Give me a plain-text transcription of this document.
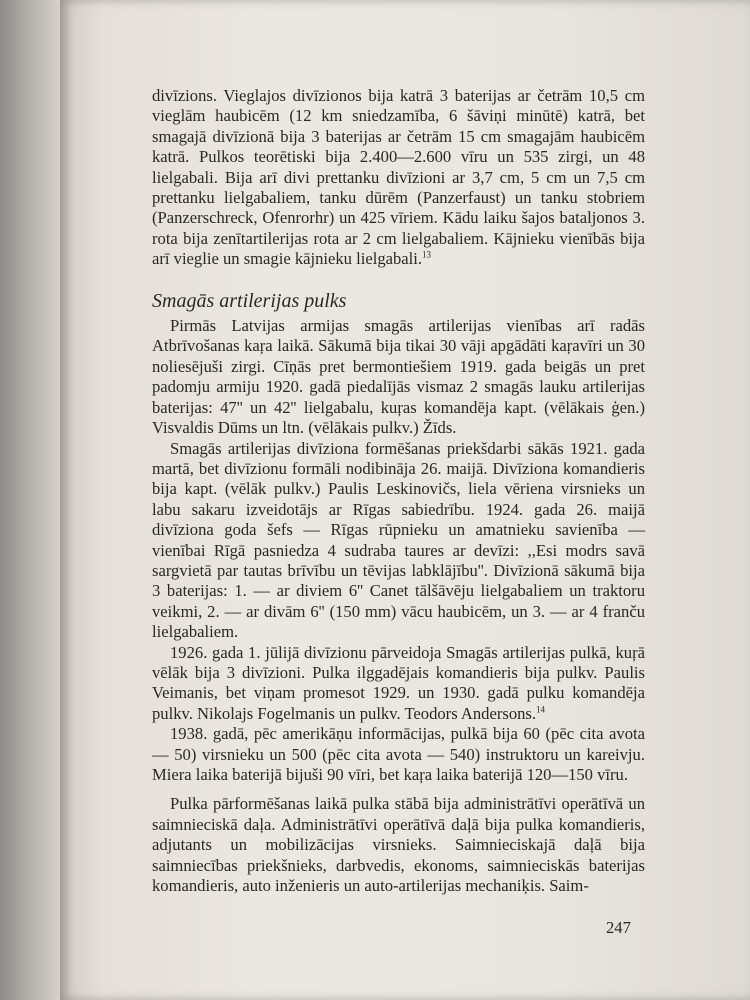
divīzions. Vieglajos divīzionos bija katrā 3 baterijas ar četrām 10,5 cm vieglām haubicēm (12 km sniedzamība, 6 šāviņi minūtē) katrā, bet smagajā divīzionā bija 3 baterijas ar četrām 15 cm smagajām haubicēm katrā. Pulkos teorētiski bija 2.400—2.600 vīru un 535 zirgi, un 48 lielgabali. Bija arī divi prettanku divīzioni ar 3,7 cm, 5 cm un 7,5 cm prettanku lielgabaliem, tanku dūrēm (Panzerfaust) un tanku stobriem (Panzerschreck, Ofenrorhr) un 425 vīriem. Kādu laiku šajos bataljonos 3. rota bija zenītartilerijas rota ar 2 cm lielgabaliem. Kājnieku vienībās bija arī vieglie un smagie kājnieku lielgabali.$^{13}$

Smagās artilerijas pulks

Pirmās Latvijas armijas smagās artilerijas vienības arī radās Atbrīvošanas kaŗa laikā. Sākumā bija tikai 30 vāji apgādāti kaŗavīri un 30 noliesējuši zirgi. Cīņās pret bermontiešiem 1919. gada beigās un pret padomju armiju 1920. gadā piedalījās vismaz 2 smagās lauku artilerijas baterijas: 47'' un 42'' lielgabalu, kuŗas komandēja kapt. (vēlākais ģen.) Visvaldis Dūms un ltn. (vēlākais pulkv.) Žīds.

Smagās artilerijas divīziona formēšanas priekšdarbi sākās 1921. gada martā, bet divīzionu formāli nodibināja 26. maijā. Divīziona komandieris bija kapt. (vēlāk pulkv.) Paulis Leskinovičs, liela vēriena virsnieks un labu sakaru izveidotājs ar Rīgas sabiedrību. 1924. gada 26. maijā divīziona goda šefs — Rīgas rūpnieku un amatnieku savienība — vienībai Rīgā pasniedza 4 sudraba taures ar devīzi: ,,Esi modrs savā sargvietā par tautas brīvību un tēvijas labklājību''. Divīzionā sākumā bija 3 baterijas: 1. — ar diviem 6'' Canet tālšāvēju lielgabaliem un traktoru veikmi, 2. — ar divām 6'' (150 mm) vācu haubicēm, un 3. — ar 4 franču lielgabaliem.

1926. gada 1. jūlijā divīzionu pārveidoja Smagās artilerijas pulkā, kuŗā vēlāk bija 3 divīzioni. Pulka ilggadējais komandieris bija pulkv. Paulis Veimanis, bet viņam promesot 1929. un 1930. gadā pulku komandēja pulkv. Nikolajs Fogelmanis un pulkv. Teodors Andersons.$^{14}$

1938. gadā, pēc amerikāņu informācijas, pulkā bija 60 (pēc cita avota — 50) virsnieku un 500 (pēc cita avota — 540) instruktoru un kareivju. Miera laika baterijā bijuši 90 vīri, bet kaŗa laika baterijā 120—150 vīru.

Pulka pārformēšanas laikā pulka stābā bija administrātīvi operātīvā un saimnieciskā daļa. Administrātīvi operātīvā daļā bija pulka komandieris, adjutants un mobilizācijas virsnieks. Saimnieciskajā daļā bija saimniecības priekšnieks, darbvedis, ekonoms, saimnieciskās baterijas komandieris, auto inženieris un auto-artilerijas mechaniķis. Saim-

247
